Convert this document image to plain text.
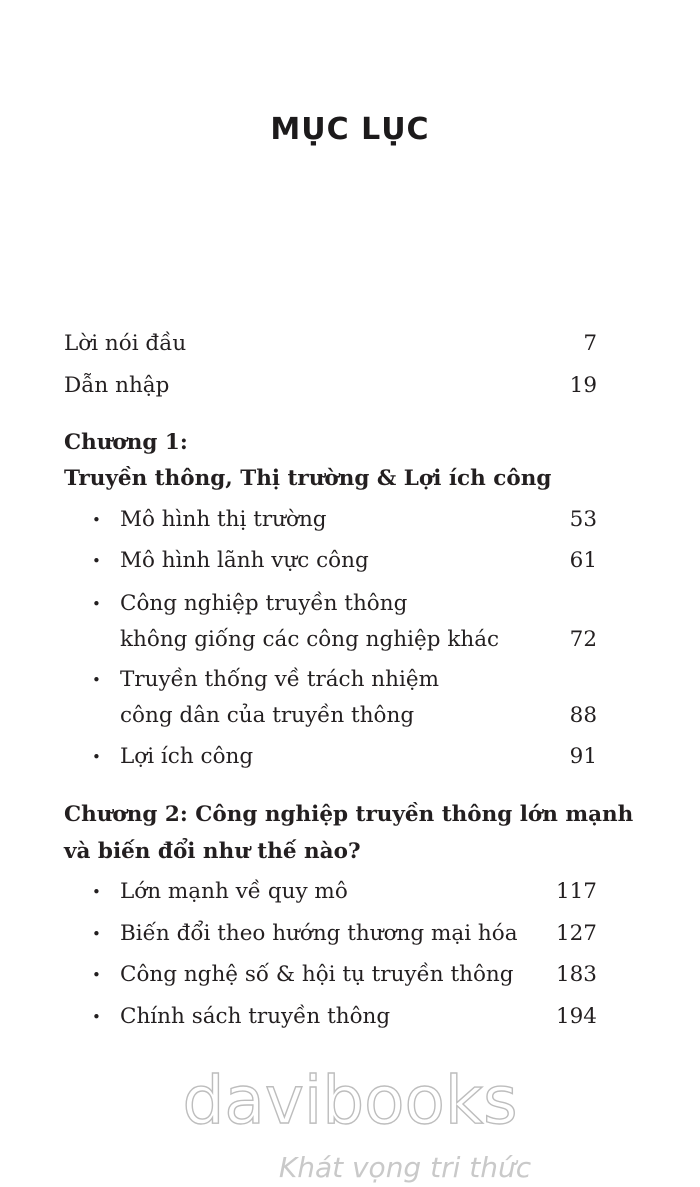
MỤC LỤC
Lời nói đầu	7
Dẫn nhập	19
Chương 1:
Truyền thông, Thị trường & Lợi ích công
• Mô hình thị trường	53
• Mô hình lãnh vực công	61
• Công nghiệp truyền thông
không giống các công nghiệp khác	72
• Truyền thống về trách nhiệm
công dân của truyền thông	88
• Lợi ích công	91
Chương 2: Công nghiệp truyền thông lớn mạnh
và biến đổi như thế nào?
• Lớn mạnh về quy mô	117
• Biến đổi theo hướng thương mại hóa 127
• Công nghệ số & hội tụ truyền thông 183
• Chính sách truyền thông	194
davibooks
Khát vọng tri thức
